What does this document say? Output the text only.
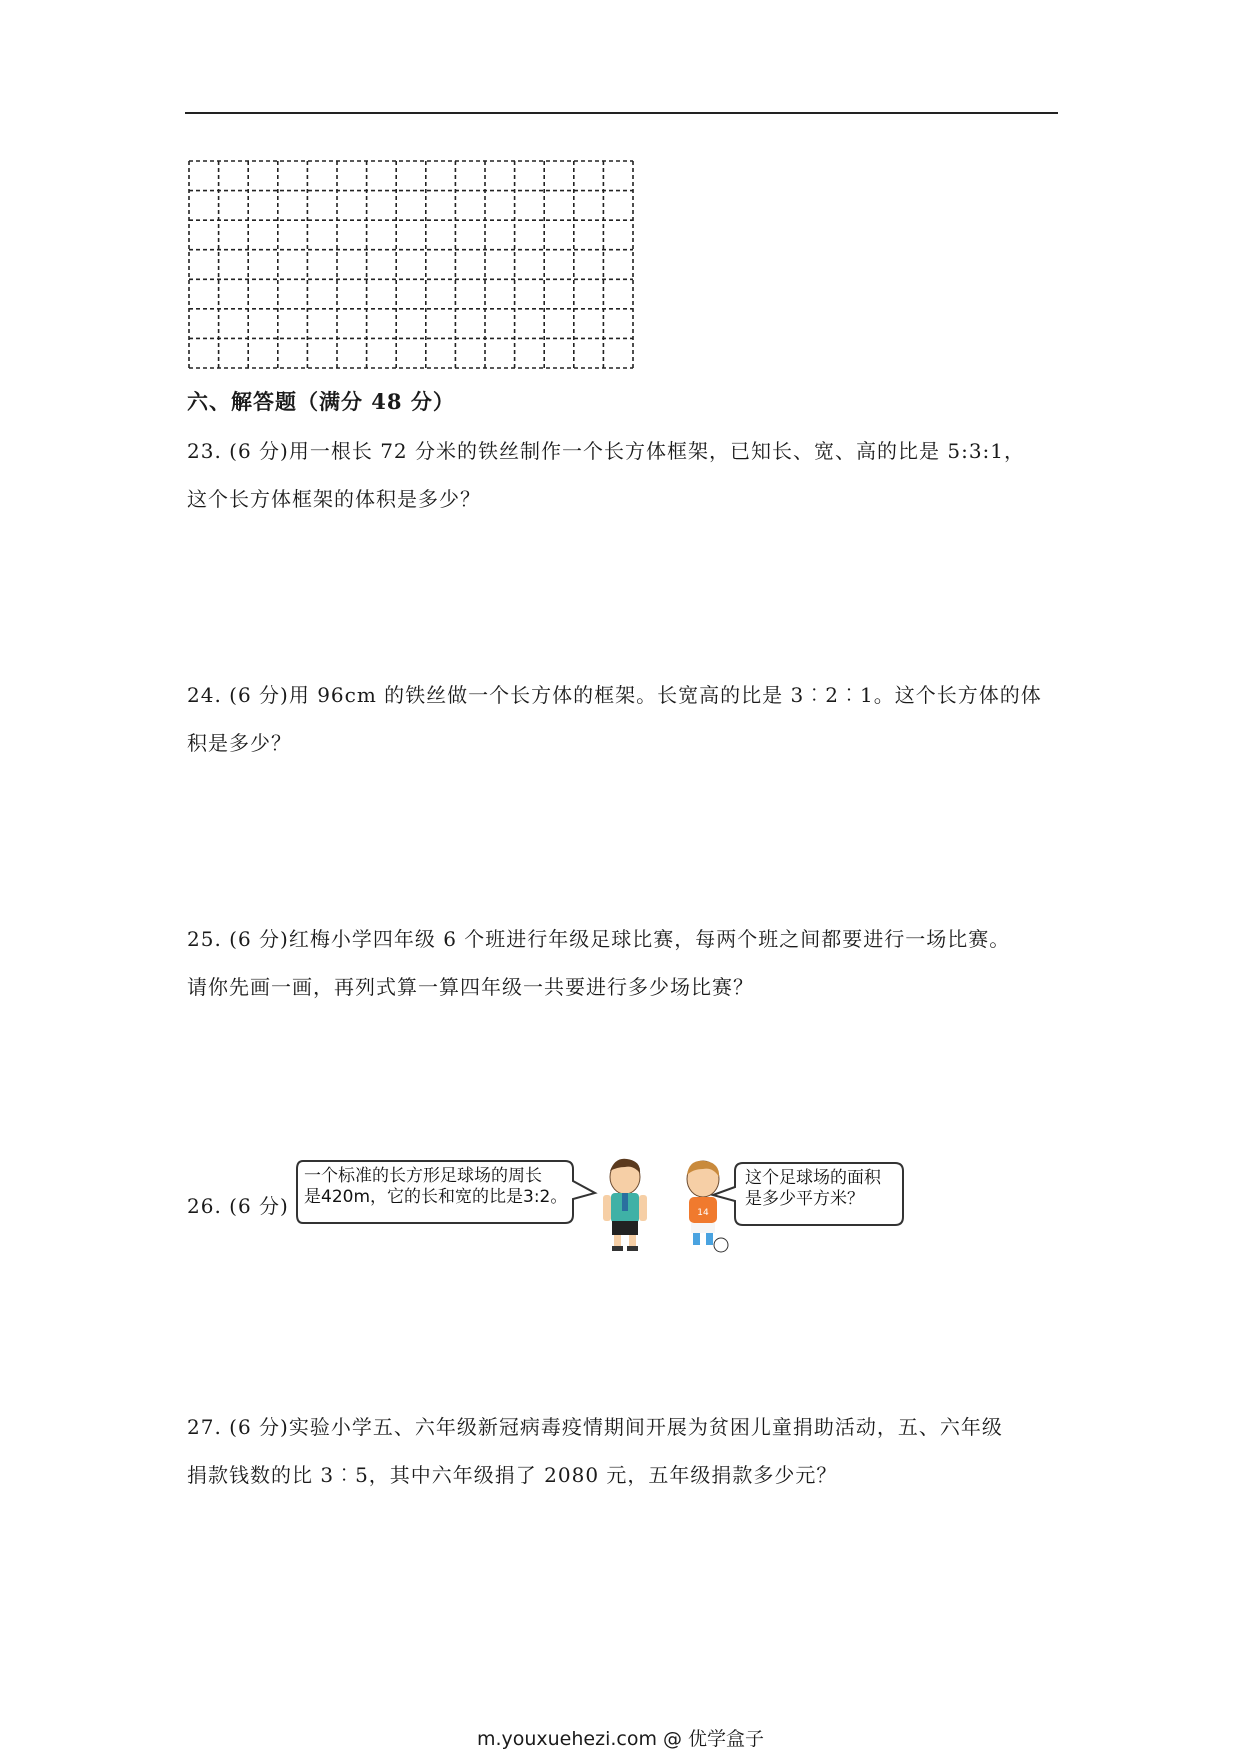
六、解答题（满分 48 分）
23. (6 分)用一根长 72 分米的铁丝制作一个长方体框架，已知长、宽、高的比是 5:3:1，
这个长方体框架的体积是多少？
24. (6 分)用 96cm 的铁丝做一个长方体的框架。长宽高的比是 3︰2︰1。这个长方体的体
积是多少？
25. (6 分)红梅小学四年级 6 个班进行年级足球比赛，每两个班之间都要进行一场比赛。
请你先画一画，再列式算一算四年级一共要进行多少场比赛？
26. (6 分)	14
一个标准的长方形足球场的周长
是420m，它的长和宽的比是3:2。
这个足球场的面积
是多少平方米？
27. (6 分)实验小学五、六年级新冠病毒疫情期间开展为贫困儿童捐助活动，五、六年级
捐款钱数的比 3︰5，其中六年级捐了 2080 元，五年级捐款多少元？
m.youxuehezi.com @ 优学盒子
